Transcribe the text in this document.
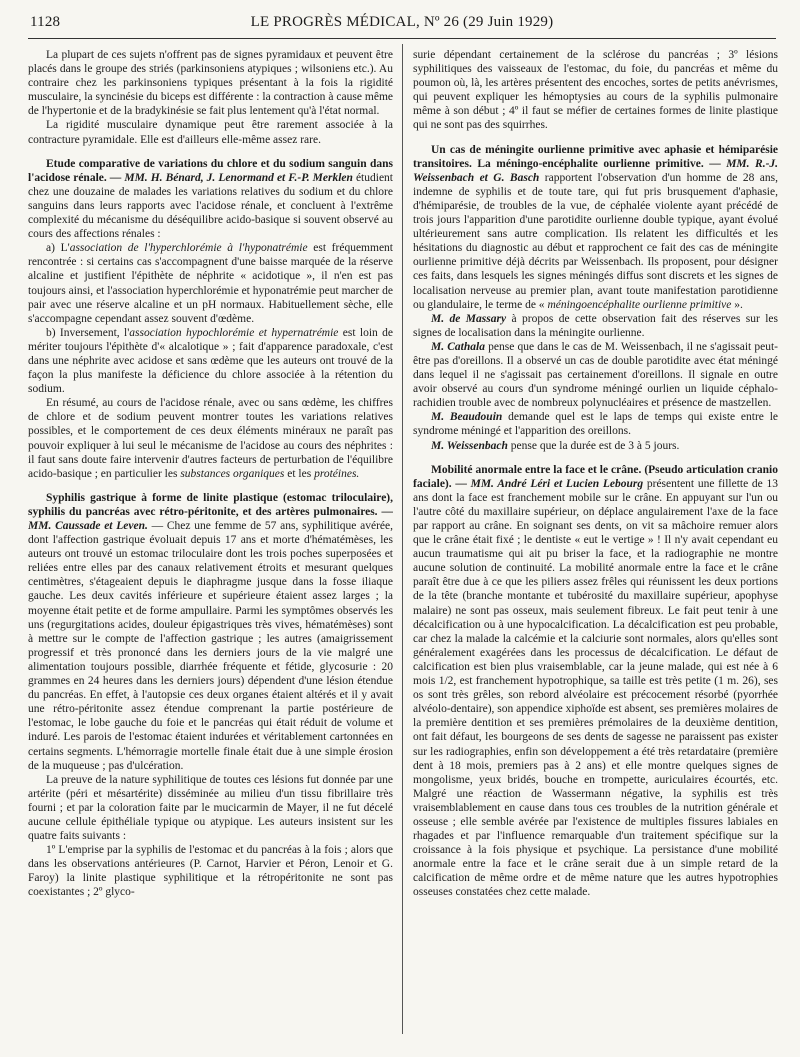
1128	LE PROGRÈS MÉDICAL, Nº 26 (29 Juin 1929)

La plupart de ces sujets n'offrent pas de signes pyramidaux et peuvent être placés dans le groupe des striés (parkinsoniens atypiques ; wilsoniens etc.). Au contraire chez les parkinsoniens typiques présentant à la fois la rigidité musculaire, la syncinésie du biceps est différente : la contraction à cause même de l'hypertonie et de la bradykinésie se fait plus lentement qu'à l'état normal.

La rigidité musculaire dynamique peut être rarement associée à la contracture pyramidale. Elle est d'ailleurs elle-même assez rare.

Etude comparative de variations du chlore et du sodium sanguin dans l'acidose rénale. — MM. H. Bénard, J. Lenormand et F.-P. Merklen étudient chez une douzaine de malades les variations relatives du sodium et du chlore sanguins dans leurs rapports avec l'acidose rénale, et concluent à l'extrême complexité du mécanisme du déséquilibre acido-basique si souvent observé au cours des affections rénales :

a) L'association de l'hyperchlorémie à l'hyponatrémie est fréquemment rencontrée : si certains cas s'accompagnent d'une baisse marquée de la réserve alcaline et justifient l'épithète de néphrite « acidotique », il n'en est pas toujours ainsi, et l'association hyperchlorémie et hyponatrémie peut marcher de pair avec une réserve alcaline et un pH normaux. Habituellement sèche, elle s'accompagne cependant assez souvent d'œdème.

b) Inversement, l'association hypochlorémie et hypernatrémie est loin de mériter toujours l'épithète d'« alcalotique » ; fait d'apparence paradoxale, c'est dans une néphrite avec acidose et sans œdème que les auteurs ont trouvé de la façon la plus manifeste la déficience du chlore associée à la rétention du sodium.

En résumé, au cours de l'acidose rénale, avec ou sans œdème, les chiffres de chlore et de sodium peuvent montrer toutes les variations relatives possibles, et le comportement de ces deux éléments minéraux ne paraît pas pouvoir expliquer à lui seul le mécanisme de l'acidose au cours des néphrites : il faut sans doute faire intervenir d'autres facteurs de perturbation de l'équilibre acido-basique ; en particulier les substances organiques et les protéines.

Syphilis gastrique à forme de linite plastique (estomac triloculaire), syphilis du pancréas avec rétro-péritonite, et des artères pulmonaires. — MM. Caussade et Leven. — Chez une femme de 57 ans, syphilitique avérée, dont l'affection gastrique évoluait depuis 17 ans et morte d'hématémèses, les auteurs ont trouvé un estomac triloculaire dont les trois poches superposées et reliées entre elles par des canaux relativement étroits et mesurant quelques centimètres, s'étageaient depuis le diaphragme jusque dans la fosse iliaque gauche. Les deux cavités inférieure et supérieure étaient assez larges ; la moyenne était petite et de forme ampullaire. Parmi les symptômes observés les uns (regurgitations acides, douleur épigastriques très vives, hématémèses) sont à mettre sur le compte de l'affection gastrique ; les autres (amaigrissement progressif et très prononcé dans les derniers jours de la vie malgré une alimentation toujours possible, diarrhée fréquente et fétide, glycosurie : 20 grammes en 24 heures dans les derniers jours) dépendent d'une lésion étendue du pancréas. En effet, à l'autopsie ces deux organes étaient altérés et il y avait une rétro-péritonite assez étendue comprenant la partie postérieure de l'estomac, le lobe gauche du foie et le pancréas qui était réduit de volume et induré. Les parois de l'estomac étaient indurées et véritablement cartonnées en certains segments. L'hémorragie mortelle finale était due à une simple érosion de la muqueuse ; pas d'ulcération.

La preuve de la nature syphilitique de toutes ces lésions fut donnée par une artérite (péri et mésartérite) disséminée au milieu d'un tissu fibrillaire très fourni ; et par la coloration faite par le mucicarmin de Mayer, il ne fut décelé aucune cellule épithéliale typique ou atypique. Les auteurs insistent sur les quatre faits suivants :

1º L'emprise par la syphilis de l'estomac et du pancréas à la fois ; alors que dans les observations antérieures (P. Carnot, Harvier et Péron, Lenoir et G. Faroy) la linite plastique syphilitique et la rétropéritonite ne sont pas coexistantes ; 2º glyco-

surie dépendant certainement de la sclérose du pancréas ; 3º lésions syphilitiques des vaisseaux de l'estomac, du foie, du pancréas et même du poumon où, là, les artères présentent des encoches, sortes de petits anévrismes, qui peuvent expliquer les hémoptysies au cours de la syphilis pulmonaire même à son début ; 4º il faut se méfier de certaines formes de linite plastique qui ne sont pas des squirrhes.

Un cas de méningite ourlienne primitive avec aphasie et hémiparésie transitoires. La méningo-encéphalite ourlienne primitive. — MM. R.-J. Weissenbach et G. Basch rapportent l'observation d'un homme de 28 ans, indemne de syphilis et de toute tare, qui fut pris brusquement d'aphasie, d'hémiparésie, de troubles de la vue, de céphalée violente ayant précédé de trois jours l'apparition d'une parotidite ourlienne double typique, ayant évolué ultérieurement sans autre complication. Ils relatent les difficultés et les hésitations du diagnostic au début et rapprochent ce fait des cas de méningite ourlienne primitive déjà décrits par Weissenbach. Ils proposent, pour désigner ces faits, dans lesquels les signes méningés diffus sont discrets et les signes de localisation nerveuse au premier plan, avant toute manifestation parotidienne ou glandulaire, le terme de « méningoencéphalite ourlienne primitive ».

M. de Massary à propos de cette observation fait des réserves sur les signes de localisation dans la méningite ourlienne.

M. Cathala pense que dans le cas de M. Weissenbach, il ne s'agissait peut-être pas d'oreillons. Il a observé un cas de double parotidite avec état méningé dans lequel il ne s'agissait pas certainement d'oreillons. Il signale en outre avoir observé au cours d'un syndrome méningé ourlien un liquide céphalo-rachidien trouble avec de nombreux polynucléaires et présence de mastzellen.

M. Beaudouin demande quel est le laps de temps qui existe entre le syndrome méningé et l'apparition des oreillons.

M. Weissenbach pense que la durée est de 3 à 5 jours.

Mobilité anormale entre la face et le crâne. (Pseudo articulation cranio faciale). — MM. André Léri et Lucien Lebourg présentent une fillette de 13 ans dont la face est franchement mobile sur le crâne. En appuyant sur l'un ou l'autre côté du maxillaire supérieur, on déplace angulairement l'axe de la face par rapport au crâne. En soignant ses dents, on vit sa mâchoire remuer alors que le crâne était fixé ; le dentiste « eut le vertige » ! Il n'y avait cependant eu aucun traumatisme qui ait pu briser la face, et la radiographie ne montre aucune solution de continuité. La mobilité anormale entre la face et le crâne paraît être due à ce que les piliers assez frêles qui réunissent les deux portions de la tête (branche montante et tubérosité du maxillaire supérieur, apophyse malaire) ne sont pas osseux, mais seulement fibreux. Le fait peut tenir à une décalcification ou à une hypocalcification. La décalcification est peu probable, car chez la malade la calcémie et la calciurie sont normales, alors qu'elles sont généralement exagérées dans les processus de décalcification. Le défaut de calcification est bien plus vraisemblable, car la jeune malade, qui est née à 6 mois 1/2, est franchement hypotrophique, sa taille est très petite (1 m. 26), ses os sont très grêles, son rebord alvéolaire est précocement résorbé (pyorrhée alvéolo-dentaire), son appendice xiphoïde est absent, ses premières molaires de la première dentition et ses premières prémolaires de la deuxième dentition, ont fait défaut, les bourgeons de ses dents de sagesse ne paraissent pas exister sur les radiographies, enfin son développement a été très retardataire (première dent à 18 mois, premiers pas à 2 ans) et elle montre quelques signes de mongolisme, yeux bridés, bouche en trompette, auriculaires écourtés, etc. Malgré une réaction de Wassermann négative, la syphilis est très vraisemblablement en cause dans tous ces troubles de la nutrition générale et osseuse ; elle semble avérée par l'existence de multiples fissures labiales en rhagades et par l'influence remarquable d'un traitement spécifique sur la croissance à la fois physique et psychique. La persistance d'une mobilité anormale entre la face et le crâne serait due à un simple retard de la calcification de même ordre et de même nature que les autres hypotrophies osseuses constatées chez cette malade.
